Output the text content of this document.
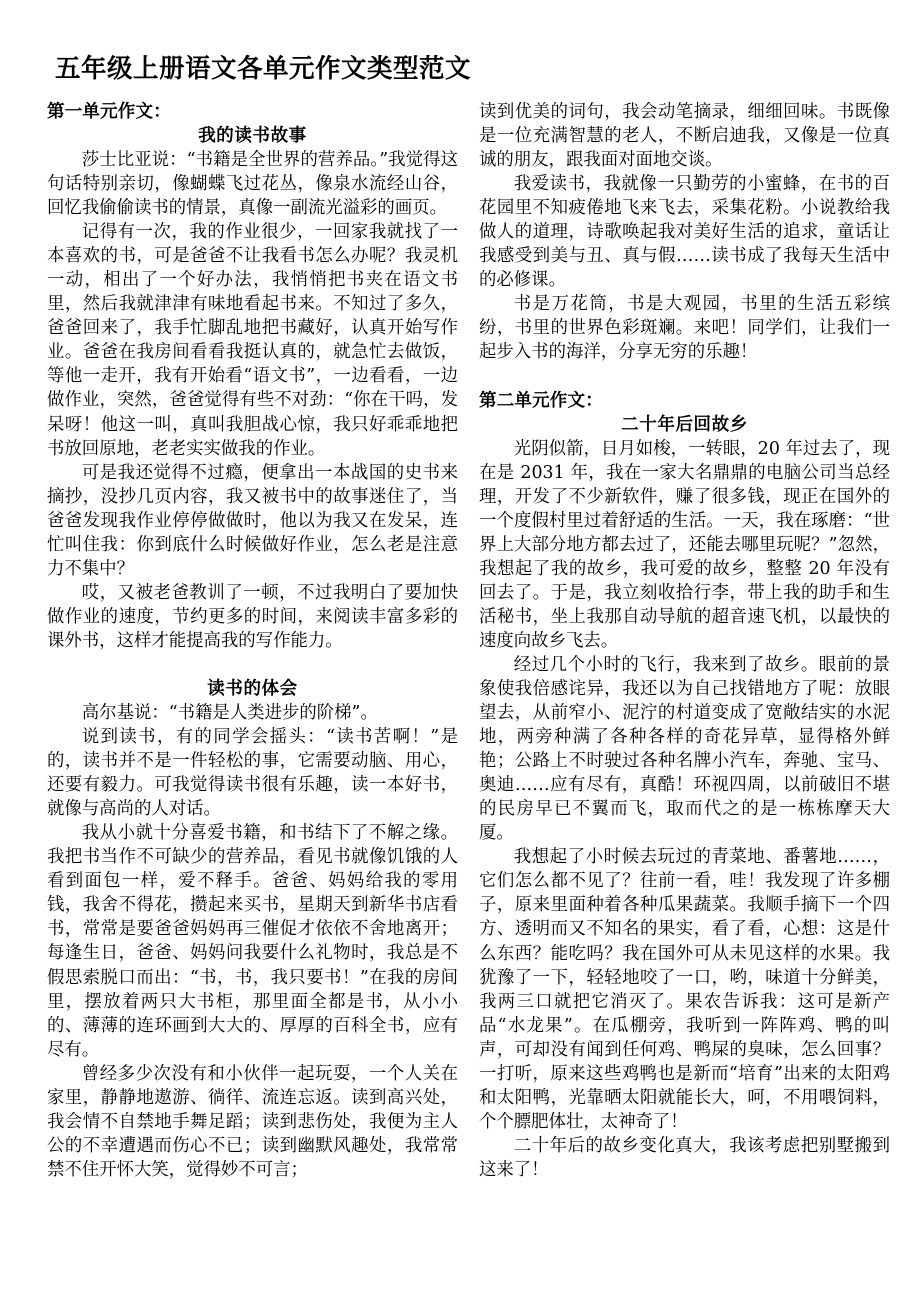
五年级上册语文各单元作文类型范文
第一单元作文：
我的读书故事

莎士比亚说：“书籍是全世界的营养品。”我觉得这句话特别亲切，像蝴蝶飞过花丛，像泉水流经山谷，回忆我偷偷读书的情景，真像一副流光溢彩的画页。

记得有一次，我的作业很少，一回家我就找了一本喜欢的书，可是爸爸不让我看书怎么办呢？我灵机一动，相出了一个好办法，我悄悄把书夹在语文书里，然后我就津津有味地看起书来。不知过了多久，爸爸回来了，我手忙脚乱地把书藏好，认真开始写作业。爸爸在我房间看看我挺认真的，就急忙去做饭，等他一走开，我有开始看“语文书”，一边看看，一边做作业，突然，爸爸觉得有些不对劲：“你在干吗，发呆呀！他这一叫，真叫我胆战心惊，我只好乖乖地把书放回原地，老老实实做我的作业。

可是我还觉得不过瘾，便拿出一本战国的史书来摘抄，没抄几页内容，我又被书中的故事迷住了，当爸爸发现我作业停停做做时，他以为我又在发呆，连忙叫住我：你到底什么时候做好作业，怎么老是注意力不集中？

哎，又被老爸教训了一顿，不过我明白了要加快做作业的速度，节约更多的时间，来阅读丰富多彩的课外书，这样才能提高我的写作能力。

读书的体会

高尔基说：“书籍是人类进步的阶梯”。

说到读书，有的同学会摇头：“读书苦啊！”是的，读书并不是一件轻松的事，它需要动脑、用心，还要有毅力。可我觉得读书很有乐趣，读一本好书，就像与高尚的人对话。

我从小就十分喜爱书籍，和书结下了不解之缘。我把书当作不可缺少的营养品，看见书就像饥饿的人看到面包一样，爱不释手。爸爸、妈妈给我的零用钱，我舍不得花，攒起来买书，星期天到新华书店看书，常常是要爸爸妈妈再三催促才依依不舍地离开；每逢生日，爸爸、妈妈问我要什么礼物时，我总是不假思索脱口而出：“书，书，我只要书！”在我的房间里，摆放着两只大书柜，那里面全都是书，从小小的、薄薄的连环画到大大的、厚厚的百科全书，应有尽有。

曾经多少次没有和小伙伴一起玩耍，一个人关在家里，静静地遨游、徜徉、流连忘返。读到高兴处，我会情不自禁地手舞足蹈；读到悲伤处，我便为主人公的不幸遭遇而伤心不已；读到幽默风趣处，我常常禁不住开怀大笑，觉得妙不可言；

读到优美的词句，我会动笔摘录，细细回味。书既像是一位充满智慧的老人，不断启迪我，又像是一位真诚的朋友，跟我面对面地交谈。

我爱读书，我就像一只勤劳的小蜜蜂，在书的百花园里不知疲倦地飞来飞去，采集花粉。小说教给我做人的道理，诗歌唤起我对美好生活的追求，童话让我感受到美与丑、真与假……读书成了我每天生活中的必修课。

书是万花筒，书是大观园，书里的生活五彩缤纷，书里的世界色彩斑斓。来吧！同学们，让我们一起步入书的海洋，分享无穷的乐趣！

第二单元作文：
二十年后回故乡

光阴似箭，日月如梭，一转眼，20 年过去了，现在是 2031 年，我在一家大名鼎鼎的电脑公司当总经理，开发了不少新软件，赚了很多钱，现正在国外的一个度假村里过着舒适的生活。一天，我在琢磨：“世界上大部分地方都去过了，还能去哪里玩呢？”忽然，我想起了我的故乡，我可爱的故乡，整整 20 年没有回去了。于是，我立刻收拾行李，带上我的助手和生活秘书，坐上我那自动导航的超音速飞机，以最快的速度向故乡飞去。

经过几个小时的飞行，我来到了故乡。眼前的景象使我倍感诧异，我还以为自己找错地方了呢：放眼望去，从前窄小、泥泞的村道变成了宽敞结实的水泥地，两旁种满了各种各样的奇花异草，显得格外鲜艳；公路上不时驶过各种名牌小汽车，奔驰、宝马、奥迪……应有尽有，真酷！环视四周，以前破旧不堪的民房早已不翼而飞，取而代之的是一栋栋摩天大厦。

我想起了小时候去玩过的青菜地、番薯地……，它们怎么都不见了？往前一看，哇！我发现了许多棚子，原来里面种着各种瓜果蔬菜。我顺手摘下一个四方、透明而又不知名的果实，看了看，心想：这是什么东西？能吃吗？我在国外可从未见这样的水果。我犹豫了一下，轻轻地咬了一口，哟，味道十分鲜美，我两三口就把它消灭了。果农告诉我：这可是新产品“水龙果”。在瓜棚旁，我听到一阵阵鸡、鸭的叫声，可却没有闻到任何鸡、鸭屎的臭味，怎么回事？一打听，原来这些鸡鸭也是新而“培育”出来的太阳鸡和太阳鸭，光靠晒太阳就能长大，呵，不用喂饲料，个个膘肥体壮，太神奇了！

二十年后的故乡变化真大，我该考虑把别墅搬到这来了！
